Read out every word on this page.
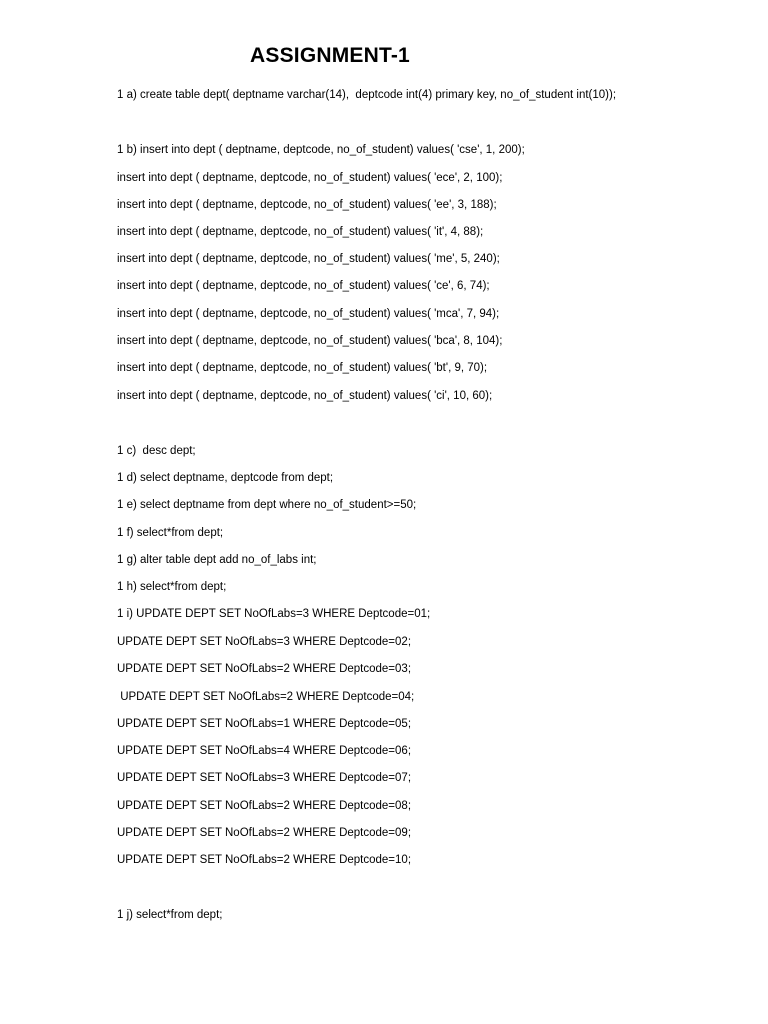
ASSIGNMENT-1
1 a) create table dept( deptname varchar(14),  deptcode int(4) primary key, no_of_student int(10));
1 b) insert into dept ( deptname, deptcode, no_of_student) values( 'cse', 1, 200);
insert into dept ( deptname, deptcode, no_of_student) values( 'ece', 2, 100);
insert into dept ( deptname, deptcode, no_of_student) values( 'ee', 3, 188);
insert into dept ( deptname, deptcode, no_of_student) values( 'it', 4, 88);
insert into dept ( deptname, deptcode, no_of_student) values( 'me', 5, 240);
insert into dept ( deptname, deptcode, no_of_student) values( 'ce', 6, 74);
insert into dept ( deptname, deptcode, no_of_student) values( 'mca', 7, 94);
insert into dept ( deptname, deptcode, no_of_student) values( 'bca', 8, 104);
insert into dept ( deptname, deptcode, no_of_student) values( 'bt', 9, 70);
insert into dept ( deptname, deptcode, no_of_student) values( 'ci', 10, 60);
1 c)  desc dept;
1 d) select deptname, deptcode from dept;
1 e) select deptname from dept where no_of_student>=50;
1 f) select*from dept;
1 g) alter table dept add no_of_labs int;
1 h) select*from dept;
1 i) UPDATE DEPT SET NoOfLabs=3 WHERE Deptcode=01;
UPDATE DEPT SET NoOfLabs=3 WHERE Deptcode=02;
UPDATE DEPT SET NoOfLabs=2 WHERE Deptcode=03;
UPDATE DEPT SET NoOfLabs=2 WHERE Deptcode=04;
UPDATE DEPT SET NoOfLabs=1 WHERE Deptcode=05;
UPDATE DEPT SET NoOfLabs=4 WHERE Deptcode=06;
UPDATE DEPT SET NoOfLabs=3 WHERE Deptcode=07;
UPDATE DEPT SET NoOfLabs=2 WHERE Deptcode=08;
UPDATE DEPT SET NoOfLabs=2 WHERE Deptcode=09;
UPDATE DEPT SET NoOfLabs=2 WHERE Deptcode=10;
1 j) select*from dept;
